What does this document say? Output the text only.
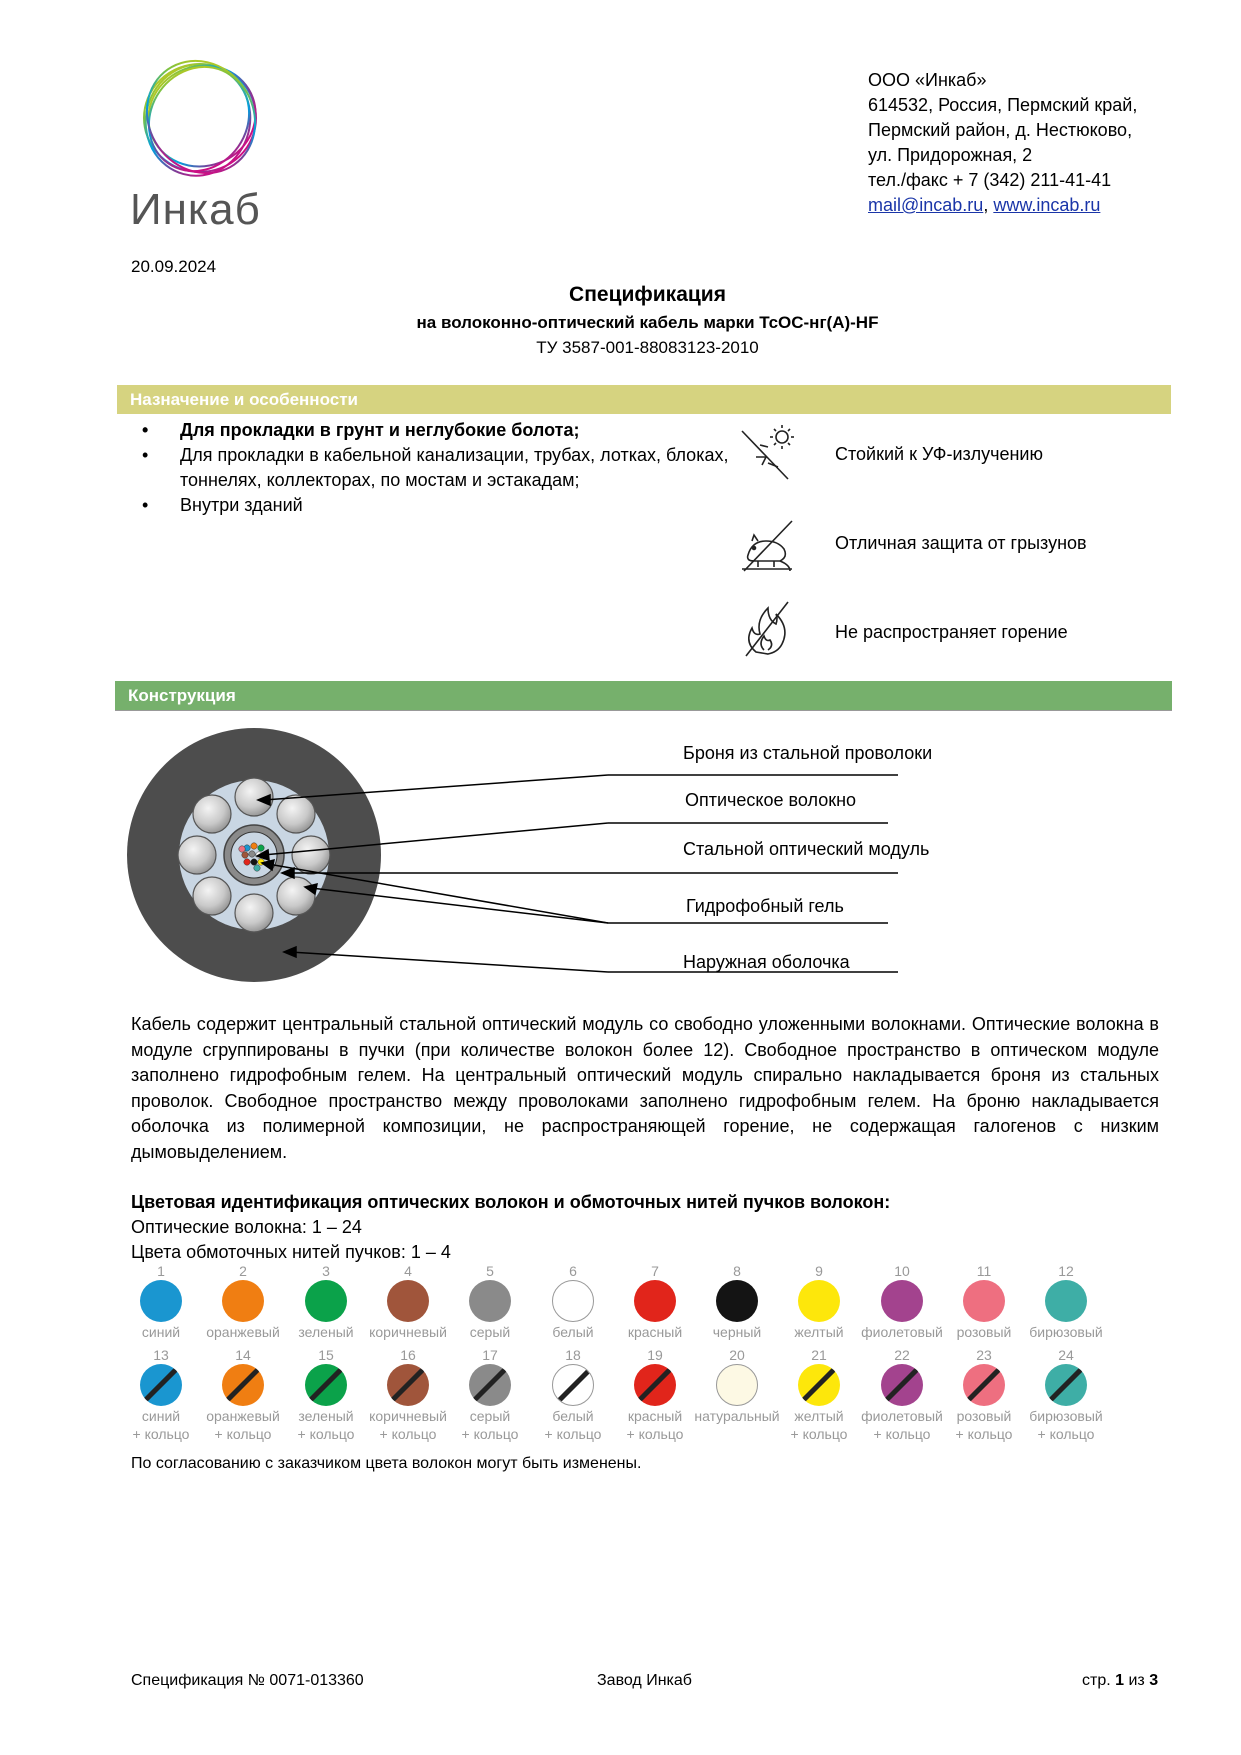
Инкаб
ООО «Инкаб»
614532, Россия, Пермский край,
Пермский район, д. Нестюково,
ул. Придорожная, 2
тел./факс + 7 (342) 211-41-41
mail@incab.ru, www.incab.ru
20.09.2024
Спецификация
на волоконно-оптический кабель марки ТсОС-нг(А)-HF
ТУ 3587-001-88083123-2010
Назначение и особенности
• Для прокладки в грунт и неглубокие болота;
• Для прокладки в кабельной канализации, трубах, лотках, блоках, тоннелях, коллекторах, по мостам и эстакадам;
• Внутри зданий
Стойкий к УФ-излучению
Отличная защита от грызунов
Не распространяет горение
Конструкция
Броня из стальной проволоки
Оптическое волокно
Стальной оптический модуль
Гидрофобный гель
Наружная оболочка
Кабель содержит центральный стальной оптический модуль со свободно уложенными волокнами. Оптические волокна в модуле сгруппированы в пучки (при количестве волокон более 12). Свободное пространство в оптическом модуле заполнено гидрофобным гелем. На центральный оптический модуль спирально накладывается броня из стальных проволок. Свободное пространство между проволоками заполнено гидрофобным гелем. На броню накладывается оболочка из полимерной композиции, не распространяющей горение, не содержащая галогенов с низким дымовыделением.
Цветовая идентификация оптических волокон и обмоточных нитей пучков волокон:
Оптические волокна: 1 – 24
Цвета обмоточных нитей пучков: 1 – 4
1
синий
2
оранжевый
3
зеленый
4
коричневый
5
серый
6
белый
7
красный
8
черный
9
желтый
10
фиолетовый
11
розовый
12
бирюзовый
13
синий
+ кольцо
14
оранжевый
+ кольцо
15
зеленый
+ кольцо
16
коричневый
+ кольцо
17
серый
+ кольцо
18
белый
+ кольцо
19
красный
+ кольцо
20
натуральный
21
желтый
+ кольцо
22
фиолетовый
+ кольцо
23
розовый
+ кольцо
24
бирюзовый
+ кольцо
По согласованию с заказчиком цвета волокон могут быть изменены.
Спецификация № 0071-013360	Завод Инкаб	стр. 1 из 3
